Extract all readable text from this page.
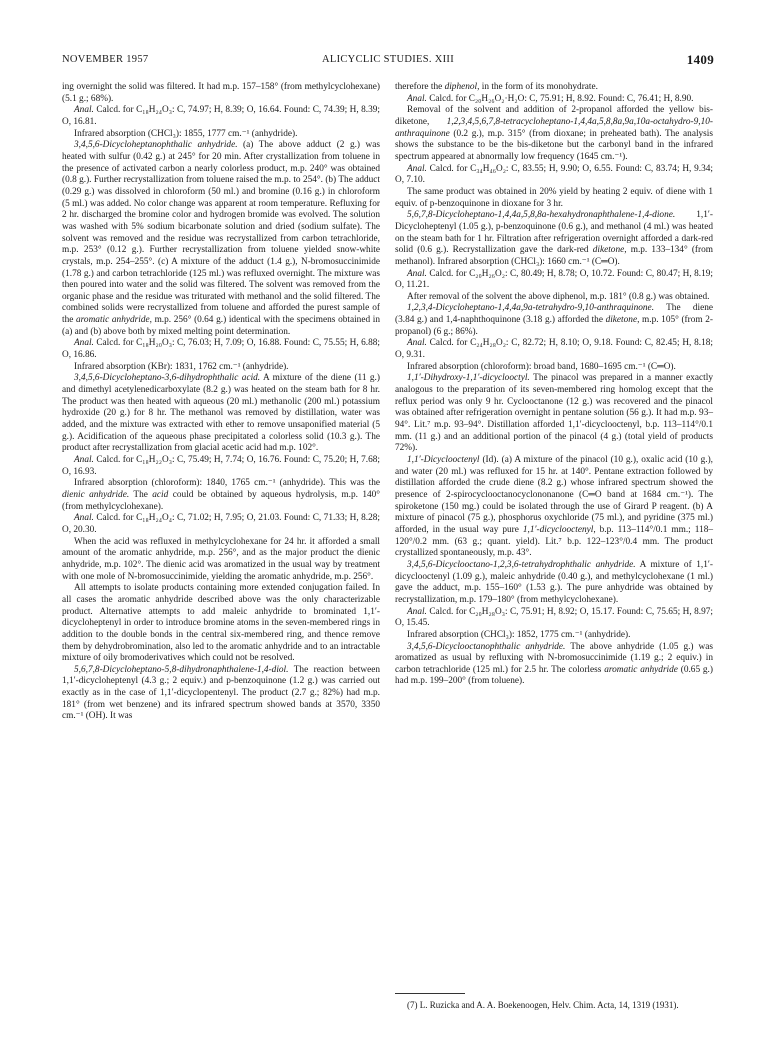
NOVEMBER 1957	ALICYCLIC STUDIES. XIII	1409

ing overnight the solid was filtered. It had m.p. 157–158° (from methylcyclohexane) (5.1 g.; 68%).

Anal. Calcd. for C₁₈H₂₄O₃: C, 74.97; H, 8.39; O, 16.64. Found: C, 74.39; H, 8.39; O, 16.81.

Infrared absorption (CHCl₃): 1855, 1777 cm.⁻¹ (anhydride).

3,4,5,6-Dicycloheptanophthalic anhydride. (a) The above adduct (2 g.) was heated with sulfur (0.42 g.) at 245° for 20 min. After crystallization from toluene in the presence of activated carbon a nearly colorless product, m.p. 240° was obtained (0.8 g.). Further recrystallization from toluene raised the m.p. to 254°. (b) The adduct (0.29 g.) was dissolved in chloroform (50 ml.) and bromine (0.16 g.) in chloroform (5 ml.) was added. No color change was apparent at room temperature. Refluxing for 2 hr. discharged the bromine color and hydrogen bromide was evolved. The solution was washed with 5% sodium bicarbonate solution and dried (sodium sulfate). The solvent was removed and the residue was recrystallized from carbon tetrachloride, m.p. 253° (0.12 g.). Further recrystallization from toluene yielded snow-white crystals, m.p. 254–255°. (c) A mixture of the adduct (1.4 g.), N-bromosuccinimide (1.78 g.) and carbon tetrachloride (125 ml.) was refluxed overnight. The mixture was then poured into water and the solid was filtered. The solvent was removed from the organic phase and the residue was triturated with methanol and the solid filtered. The combined solids were recrystallized from toluene and afforded the purest sample of the aromatic anhydride, m.p. 256° (0.64 g.) identical with the specimens obtained in (a) and (b) above both by mixed melting point determination.

Anal. Calcd. for C₁₈H₂₀O₃: C, 76.03; H, 7.09; O, 16.88. Found: C, 75.55; H, 6.88; O, 16.86.

Infrared absorption (KBr): 1831, 1762 cm.⁻¹ (anhydride).

3,4,5,6-Dicycloheptano-3,6-dihydrophthalic acid. A mixture of the diene (11 g.) and dimethyl acetylenedicarboxylate (8.2 g.) was heated on the steam bath for 8 hr. The product was then heated with aqueous (20 ml.) methanolic (200 ml.) potassium hydroxide (20 g.) for 8 hr. The methanol was removed by distillation, water was added, and the mixture was extracted with ether to remove unsaponified material (5 g.). Acidification of the aqueous phase precipitated a colorless solid (10.3 g.). The product after recrystallization from glacial acetic acid had m.p. 102°.

Anal. Calcd. for C₁₈H₂₂O₃: C, 75.49; H, 7.74; O, 16.76. Found: C, 75.20; H, 7.68; O, 16.93.

Infrared absorption (chloroform): 1840, 1765 cm.⁻¹ (anhydride). This was the dienic anhydride. The acid could be obtained by aqueous hydrolysis, m.p. 140° (from methylcyclohexane).

Anal. Calcd. for C₁₈H₂₄O₄: C, 71.02; H, 7.95; O, 21.03. Found: C, 71.33; H, 8.28; O, 20.30.

When the acid was refluxed in methylcyclohexane for 24 hr. it afforded a small amount of the aromatic anhydride, m.p. 256°, and as the major product the dienic anhydride, m.p. 102°. The dienic acid was aromatized in the usual way by treatment with one mole of N-bromosuccinimide, yielding the aromatic anhydride, m.p. 256°.

All attempts to isolate products containing more extended conjugation failed. In all cases the aromatic anhydride described above was the only characterizable product. Alternative attempts to add maleic anhydride to brominated 1,1′-dicycloheptenyl in order to introduce bromine atoms in the seven-membered rings in addition to the double bonds in the central six-membered ring, and thence remove them by dehydrobromination, also led to the aromatic anhydride and to an intractable mixture of oily bromoderivatives which could not be resolved.

5,6,7,8-Dicycloheptano-5,8-dihydronaphthalene-1,4-diol. The reaction between 1,1′-dicycloheptenyl (4.3 g.; 2 equiv.) and p-benzoquinone (1.2 g.) was carried out exactly as in the case of 1,1′-dicyclopentenyl. The product (2.7 g.; 82%) had m.p. 181° (from wet benzene) and its infrared spectrum showed bands at 3570, 3350 cm.⁻¹ (OH). It was

therefore the diphenol, in the form of its monohydrate.

Anal. Calcd. for C₂₀H₂₆O₂·H₂O: C, 75.91; H, 8.92. Found: C, 76.41; H, 8.90.

Removal of the solvent and addition of 2-propanol afforded the yellow bis-diketone, 1,2,3,4,5,6,7,8-tetracycloheptano-1,4,4a,5,8,8a,9a,10a-octahydro-9,10-anthraquinone (0.2 g.), m.p. 315° (from dioxane; in preheated bath). The analysis shows the substance to be the bis-diketone but the carbonyl band in the infrared spectrum appeared at abnormally low frequency (1645 cm.⁻¹).

Anal. Calcd. for C₃₄H₄₆O₂: C, 83.55; H, 9.90; O, 6.55. Found: C, 83.74; H, 9.34; O, 7.10.

The same product was obtained in 20% yield by heating 2 equiv. of diene with 1 equiv. of p-benzoquinone in dioxane for 3 hr.

5,6,7,8-Dicycloheptano-1,4,4a,5,8,8a-hexahydronaphthalene-1,4-dione. 1,1′-Dicycloheptenyl (1.05 g.), p-benzoquinone (0.6 g.), and methanol (4 ml.) was heated on the steam bath for 1 hr. Filtration after refrigeration overnight afforded a dark-red solid (0.6 g.). Recrystallization gave the dark-red diketone, m.p. 133–134° (from methanol). Infrared absorption (CHCl₃): 1660 cm.⁻¹ (C═O).

Anal. Calcd. for C₂₀H₂₆O₂: C, 80.49; H, 8.78; O, 10.72. Found: C, 80.47; H, 8.19; O, 11.21.

After removal of the solvent the above diphenol, m.p. 181° (0.8 g.) was obtained.

1,2,3,4-Dicycloheptano-1,4,4a,9a-tetrahydro-9,10-anthraquinone. The diene (3.84 g.) and 1,4-naphthoquinone (3.18 g.) afforded the diketone, m.p. 105° (from 2-propanol) (6 g.; 86%).

Anal. Calcd. for C₂₄H₂₈O₂: C, 82.72; H, 8.10; O, 9.18. Found: C, 82.45; H, 8.18; O, 9.31.

Infrared absorption (chloroform): broad band, 1680–1695 cm.⁻¹ (C═O).

1,1′-Dihydroxy-1,1′-dicyclooctyl. The pinacol was prepared in a manner exactly analogous to the preparation of its seven-membered ring homolog except that the reflux period was only 9 hr. Cyclooctanone (12 g.) was recovered and the pinacol was obtained after refrigeration overnight in pentane solution (56 g.). It had m.p. 93–94°. Lit.⁷ m.p. 93–94°. Distillation afforded 1,1′-dicyclooctenyl, b.p. 113–114°/0.1 mm. (11 g.) and an additional portion of the pinacol (4 g.) (total yield of products 72%).

1,1′-Dicyclooctenyl (Id). (a) A mixture of the pinacol (10 g.), oxalic acid (10 g.), and water (20 ml.) was refluxed for 15 hr. at 140°. Pentane extraction followed by distillation afforded the crude diene (8.2 g.) whose infrared spectrum showed the presence of 2-spirocyclooctanocyclononanone (C═O band at 1684 cm.⁻¹). The spiroketone (150 mg.) could be isolated through the use of Girard P reagent. (b) A mixture of pinacol (75 g.), phosphorus oxychloride (75 ml.), and pyridine (375 ml.) afforded, in the usual way pure 1,1′-dicyclooctenyl, b.p. 113–114°/0.1 mm.; 118–120°/0.2 mm. (63 g.; quant. yield). Lit.⁷ b.p. 122–123°/0.4 mm. The product crystallized spontaneously, m.p. 43°.

3,4,5,6-Dicyclooctano-1,2,3,6-tetrahydrophthalic anhydride. A mixture of 1,1′-dicyclooctenyl (1.09 g.), maleic anhydride (0.40 g.), and methylcyclohexane (1 ml.) gave the adduct, m.p. 155–160° (1.53 g.). The pure anhydride was obtained by recrystallization, m.p. 179–180° (from methylcyclohexane).

Anal. Calcd. for C₂₀H₂₈O₃: C, 75.91; H, 8.92; O, 15.17. Found: C, 75.65; H, 8.97; O, 15.45.

Infrared absorption (CHCl₃): 1852, 1775 cm.⁻¹ (anhydride).

3,4,5,6-Dicyclooctanophthalic anhydride. The above anhydride (1.05 g.) was aromatized as usual by refluxing with N-bromosuccinimide (1.19 g.; 2 equiv.) in carbon tetrachloride (125 ml.) for 2.5 hr. The colorless aromatic anhydride (0.65 g.) had m.p. 199–200° (from toluene).

(7) L. Ruzicka and A. A. Boekenoogen, Helv. Chim. Acta, 14, 1319 (1931).
